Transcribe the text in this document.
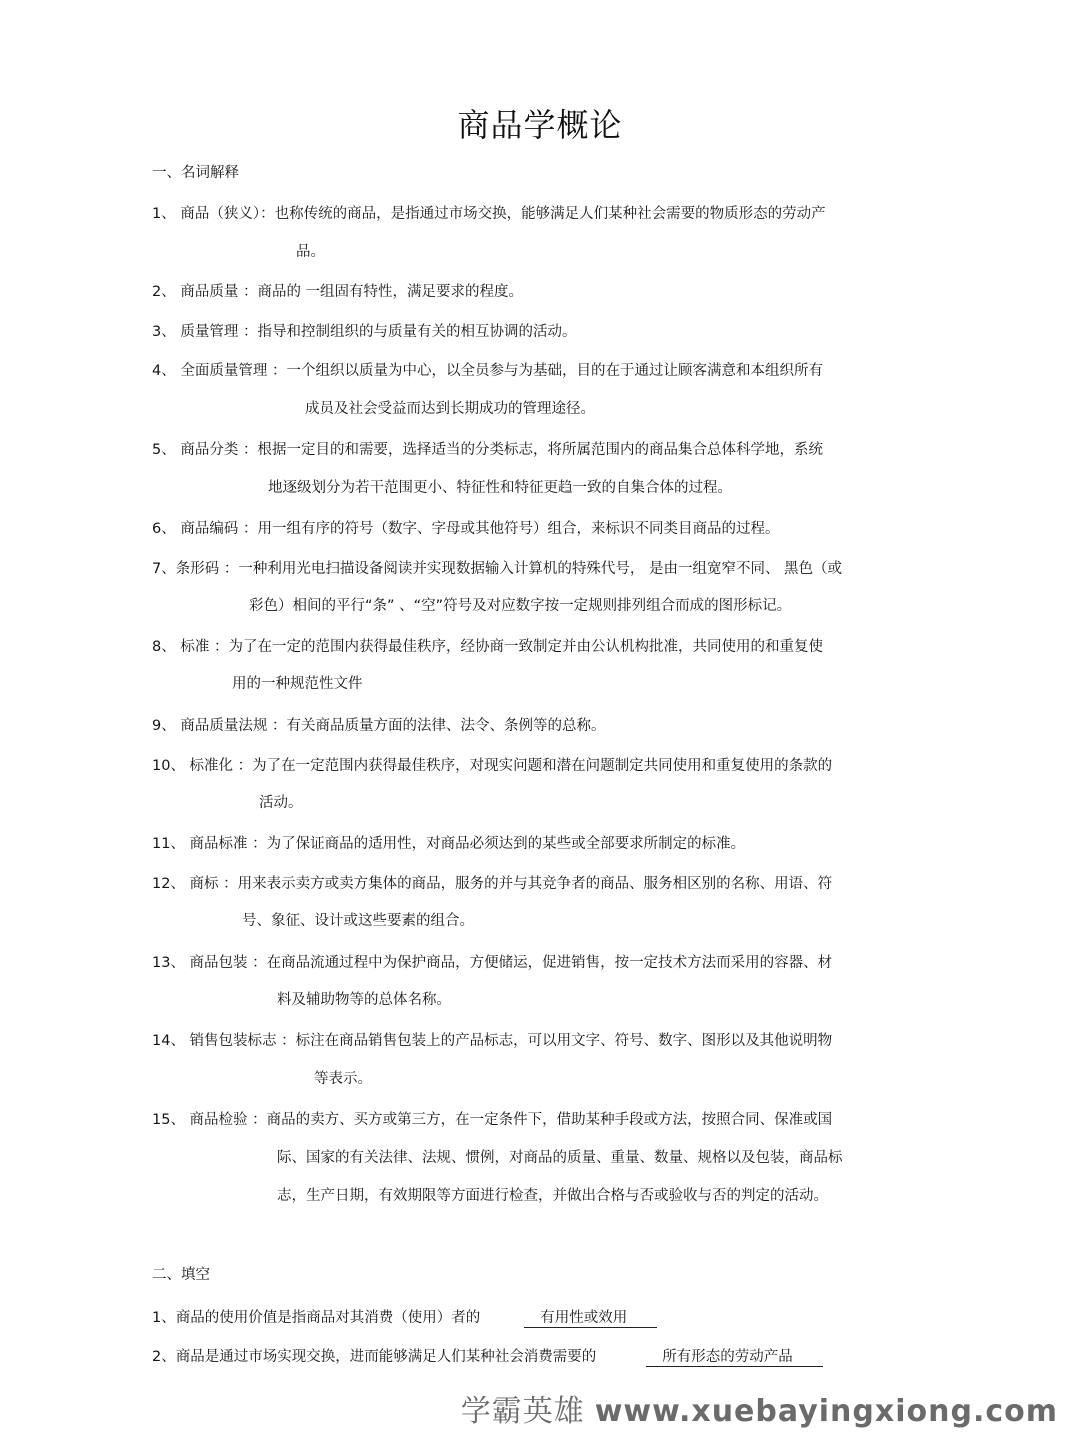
商品学概论
一、名词解释
1、 商品（狭义）：也称传统的商品，是指通过市场交换，能够满足人们某种社会需要的物质形态的劳动产
品。
2、 商品质量 ：商品的 一组固有特性，满足要求的程度。
3、 质量管理 ：指导和控制组织的与质量有关的相互协调的活动。
4、 全面质量管理 ：一个组织以质量为中心，以全员参与为基础，目的在于通过让顾客满意和本组织所有
成员及社会受益而达到长期成功的管理途径。
5、 商品分类 ：根据一定目的和需要，选择适当的分类标志，将所属范围内的商品集合总体科学地，系统
地逐级划分为若干范围更小、特征性和特征更趋一致的自集合体的过程。
6、 商品编码 ：用一组有序的符号（数字、字母或其他符号）组合，来标识不同类目商品的过程。
7、条形码 ：一种利用光电扫描设备阅读并实现数据输入计算机的特殊代号， 是由一组宽窄不同、 黑色（或
彩色）相间的平行“条” 、“空”符号及对应数字按一定规则排列组合而成的图形标记。
8、 标准 ：为了在一定的范围内获得最佳秩序，经协商一致制定并由公认机构批准，共同使用的和重复使
用的一种规范性文件
9、 商品质量法规 ：有关商品质量方面的法律、法令、条例等的总称。
10、 标准化 ：为了在一定范围内获得最佳秩序，对现实问题和潜在问题制定共同使用和重复使用的条款的
活动。
11、 商品标准 ：为了保证商品的适用性，对商品必须达到的某些或全部要求所制定的标准。
12、 商标 ：用来表示卖方或卖方集体的商品，服务的并与其竞争者的商品、服务相区别的名称、用语、符
号、象征、设计或这些要素的组合。
13、 商品包装 ：在商品流通过程中为保护商品，方便储运，促进销售，按一定技术方法而采用的容器、材
料及辅助物等的总体名称。
14、 销售包装标志 ：标注在商品销售包装上的产品标志，可以用文字、符号、数字、图形以及其他说明物
等表示。
15、 商品检验 ：商品的卖方、买方或第三方，在一定条件下，借助某种手段或方法，按照合同、保准或国
际、国家的有关法律、法规、惯例，对商品的质量、重量、数量、规格以及包装，商品标
志，生产日期，有效期限等方面进行检查，并做出合格与否或验收与否的判定的活动。
二、填空
1、商品的使用价值是指商品对其消费（使用）者的	有用性或效用
2、商品是通过市场实现交换，进而能够满足人们某种社会消费需要的	所有形态的劳动产品
学霸英雄 www.xuebayingxiong.com
